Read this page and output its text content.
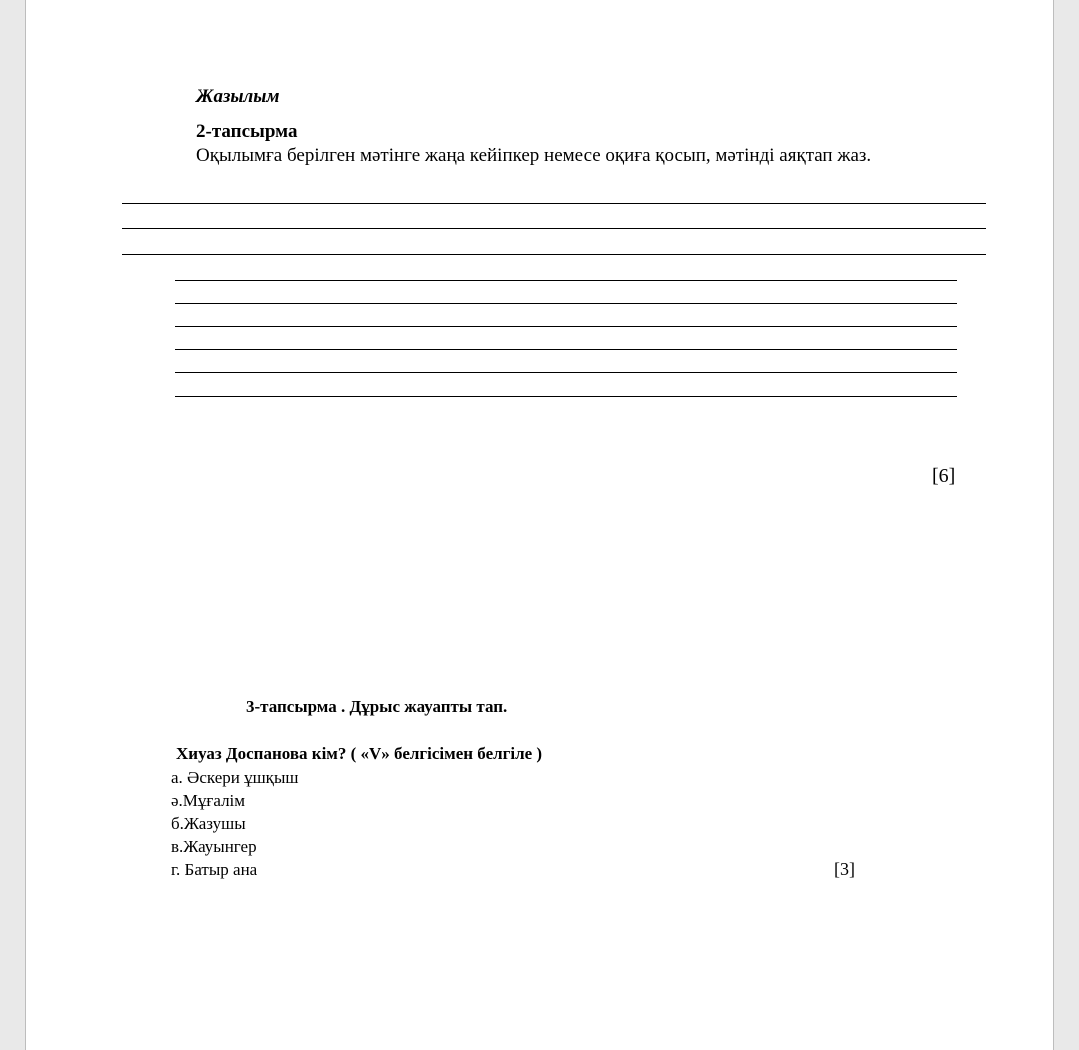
Жазылым
2-тапсырма
Оқылымға берілген мәтінге жаңа кейіпкер немесе оқиға қосып, мәтінді аяқтап жаз.
[6]
3-тапсырма . Дұрыс жауапты тап.
Хиуаз Доспанова кім? ( «V» белгісімен белгіле )
а. Әскери ұшқыш
ә.Мұғалім
б.Жазушы
в.Жауынгер
г. Батыр ана	[3]
